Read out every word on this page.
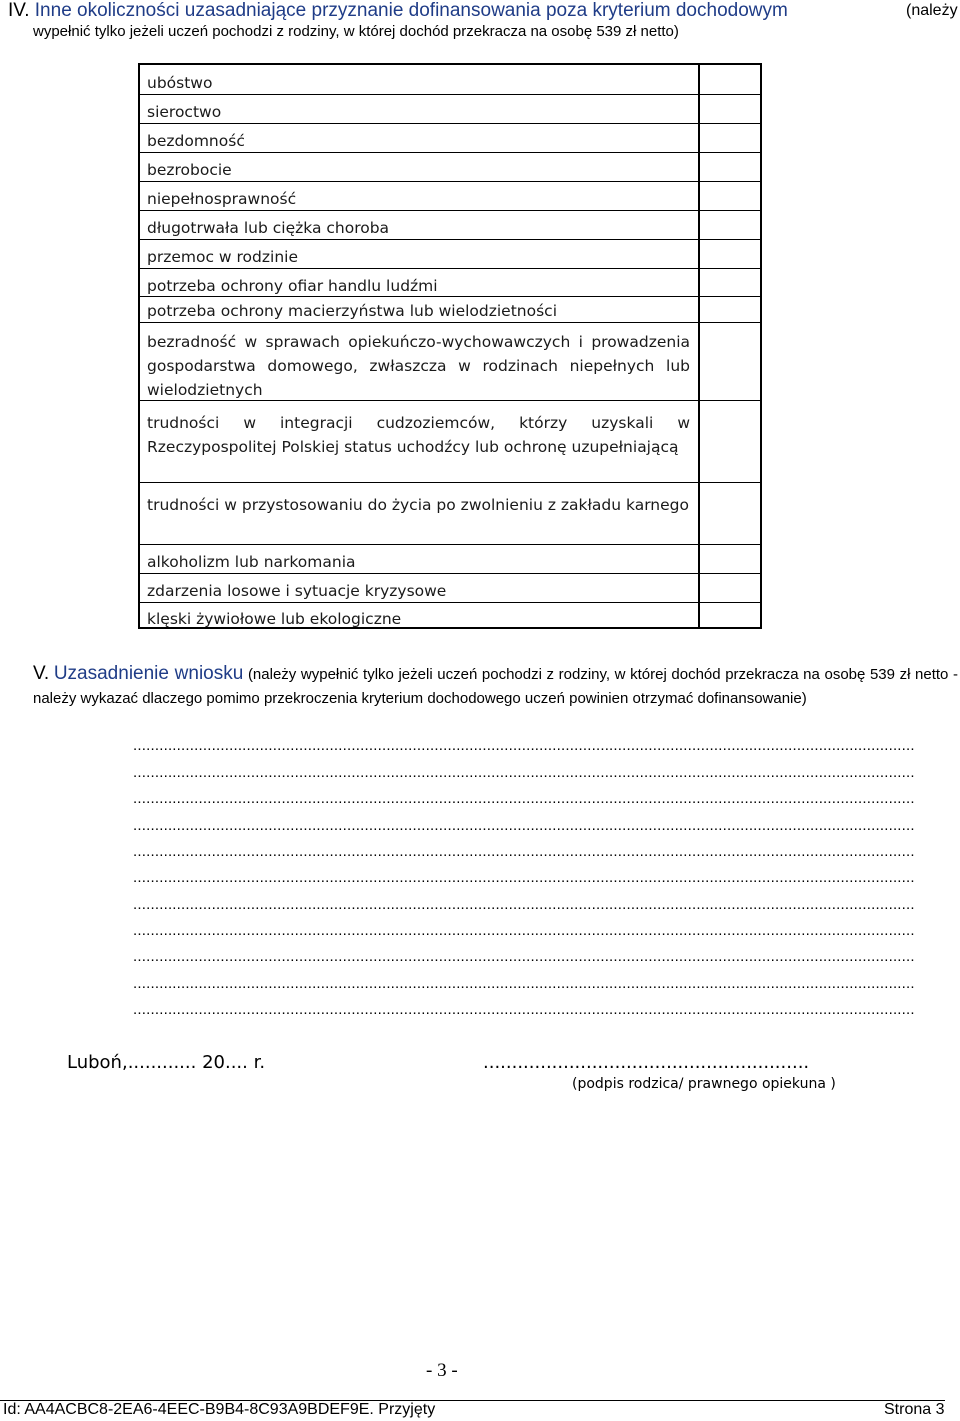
IV. Inne okoliczności uzasadniające przyznanie dofinansowania poza kryterium dochodowym	(należy
wypełnić tylko jeżeli uczeń pochodzi z rodziny, w której dochód przekracza na osobę 539 zł netto)
ubóstwo
sieroctwo
bezdomność
bezrobocie
niepełnosprawność
długotrwała lub ciężka choroba
przemoc w rodzinie
potrzeba ochrony ofiar handlu ludźmi
potrzeba ochrony macierzyństwa lub wielodzietności
bezradność w sprawach opiekuńczo-wychowawczych i prowadzenia gospodarstwa domowego, zwłaszcza w rodzinach niepełnych lub wielodzietnych
trudności w integracji cudzoziemców, którzy uzyskali w Rzeczypospolitej Polskiej status uchodźcy lub ochronę uzupełniającą
trudności w przystosowaniu do życia po zwolnieniu z zakładu karnego
alkoholizm lub narkomania
zdarzenia losowe i sytuacje kryzysowe
klęski żywiołowe lub ekologiczne
V. Uzasadnienie wniosku (należy wypełnić tylko jeżeli uczeń pochodzi z rodziny, w której dochód przekracza na osobę 539 zł netto - należy wykazać dlaczego pomimo przekroczenia kryterium dochodowego uczeń powinien otrzymać dofinansowanie)
...................................................................................................................................................................................
...................................................................................................................................................................................
...................................................................................................................................................................................
...................................................................................................................................................................................
...................................................................................................................................................................................
...................................................................................................................................................................................
...................................................................................................................................................................................
...................................................................................................................................................................................
...................................................................................................................................................................................
...................................................................................................................................................................................
...................................................................................................................................................................................
Luboń,............ 20.... r.	.........................................................
(podpis rodzica/ prawnego opiekuna )
- 3 -
Id: AA4ACBC8-2EA6-4EEC-B9B4-8C93A9BDEF9E. Przyjęty	Strona 3
